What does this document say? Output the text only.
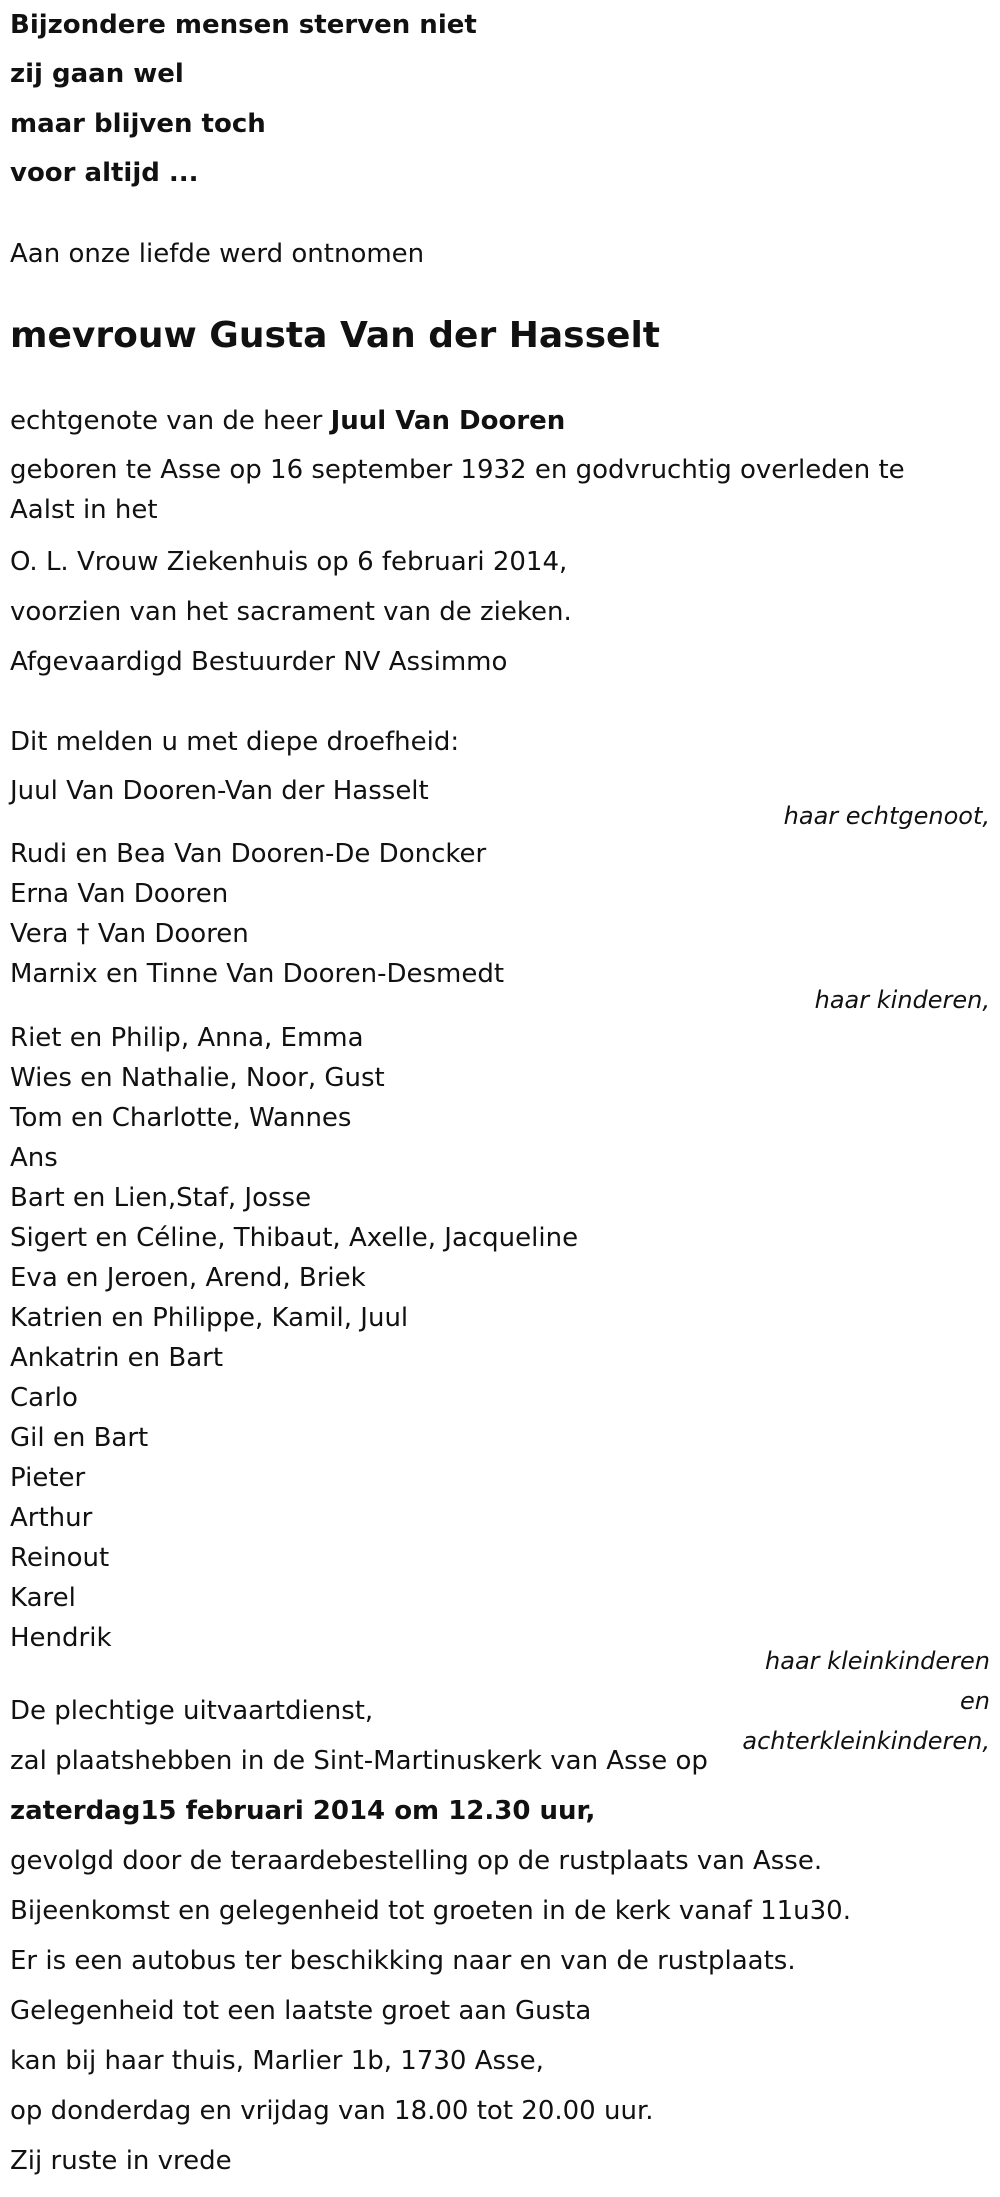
Bijzondere mensen sterven niet
zij gaan wel
maar blijven toch
voor altijd ...
Aan onze liefde werd ontnomen
mevrouw Gusta Van der Hasselt
echtgenote van de heer Juul Van Dooren
geboren te Asse op 16 september 1932 en godvruchtig overleden te
Aalst in het
O. L. Vrouw Ziekenhuis op 6 februari 2014,
voorzien van het sacrament van de zieken.
Afgevaardigd Bestuurder NV Assimmo
Dit melden u met diepe droefheid:
Juul Van Dooren-Van der Hasselt
haar echtgenoot,
Rudi en Bea Van Dooren-De Doncker
Erna Van Dooren
Vera † Van Dooren
Marnix en Tinne Van Dooren-Desmedt
haar kinderen,
Riet en Philip, Anna, Emma
Wies en Nathalie, Noor, Gust
Tom en Charlotte, Wannes
Ans
Bart en Lien,Staf, Josse
Sigert en Céline, Thibaut, Axelle, Jacqueline
Eva en Jeroen, Arend, Briek
Katrien en Philippe, Kamil, Juul
Ankatrin en Bart
Carlo
Gil en Bart
Pieter
Arthur
Reinout
Karel
Hendrik
haar kleinkinderen
en
achterkleinkinderen,
De plechtige uitvaartdienst,
zal plaatshebben in de Sint-Martinuskerk van Asse op
zaterdag15 februari 2014 om 12.30 uur,
gevolgd door de teraardebestelling op de rustplaats van Asse.
Bijeenkomst en gelegenheid tot groeten in de kerk vanaf 11u30.
Er is een autobus ter beschikking naar en van de rustplaats.
Gelegenheid tot een laatste groet aan Gusta
kan bij haar thuis, Marlier 1b, 1730 Asse,
op donderdag en vrijdag van 18.00 tot 20.00 uur.
Zij ruste in vrede
